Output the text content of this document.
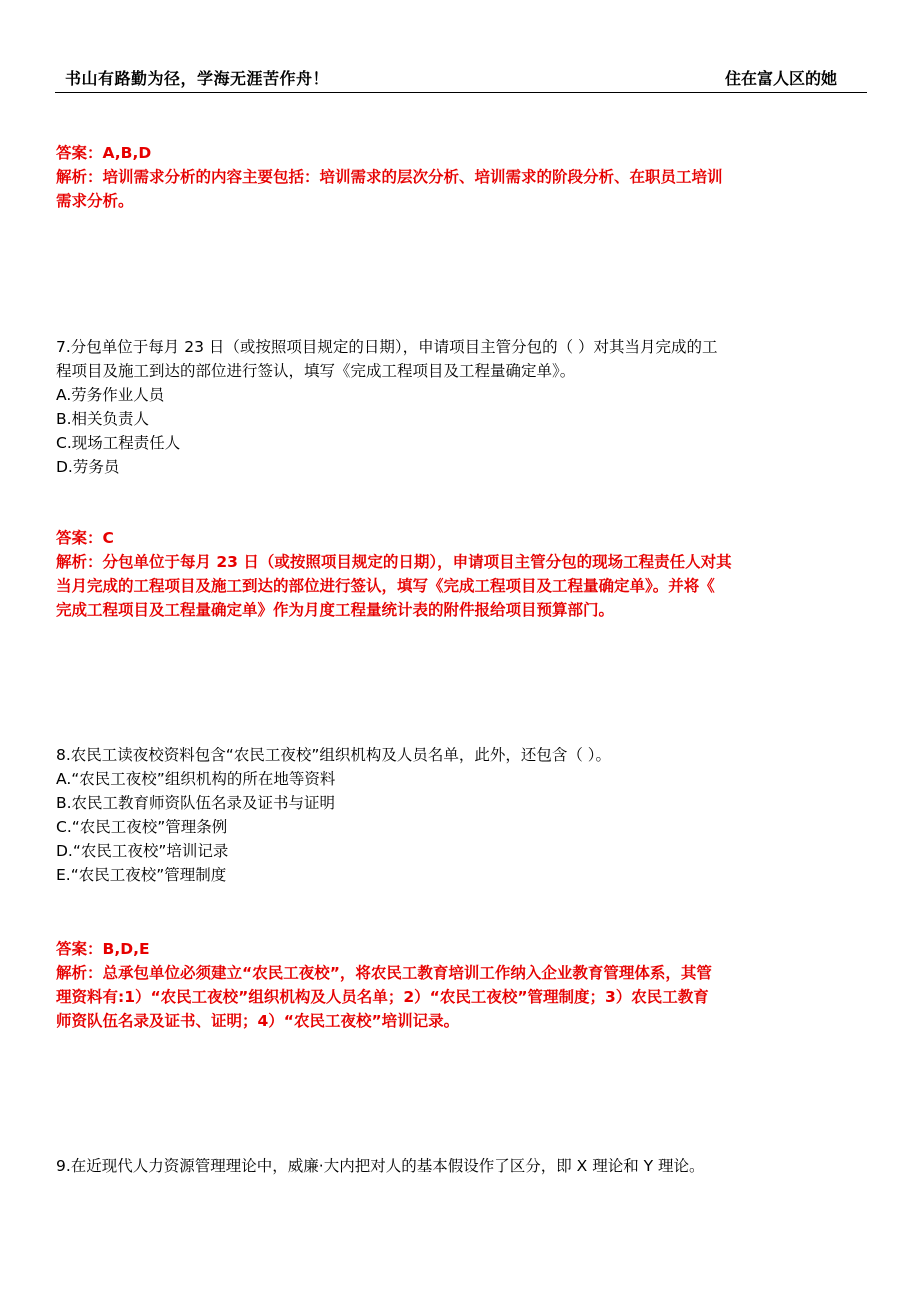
书山有路勤为径，学海无涯苦作舟！	住在富人区的她
答案：A,B,D
解析：培训需求分析的内容主要包括：培训需求的层次分析、培训需求的阶段分析、在职员工培训
需求分析。
7.分包单位于每月 23 日（或按照项目规定的日期），申请项目主管分包的（ ）对其当月完成的工
程项目及施工到达的部位进行签认，填写《完成工程项目及工程量确定单》。
A.劳务作业人员
B.相关负责人
C.现场工程责任人
D.劳务员
答案：C
解析：分包单位于每月 23 日（或按照项目规定的日期），申请项目主管分包的现场工程责任人对其
当月完成的工程项目及施工到达的部位进行签认，填写《完成工程项目及工程量确定单》。并将《
完成工程项目及工程量确定单》作为月度工程量统计表的附件报给项目预算部门。
8.农民工读夜校资料包含“农民工夜校”组织机构及人员名单，此外，还包含（ ）。
A.“农民工夜校”组织机构的所在地等资料
B.农民工教育师资队伍名录及证书与证明
C.“农民工夜校”管理条例
D.“农民工夜校”培训记录
E.“农民工夜校”管理制度
答案：B,D,E
解析：总承包单位必须建立“农民工夜校”，将农民工教育培训工作纳入企业教育管理体系，其管
理资料有:1）“农民工夜校”组织机构及人员名单；2）“农民工夜校”管理制度；3）农民工教育
师资队伍名录及证书、证明；4）“农民工夜校”培训记录。
9.在近现代人力资源管理理论中，威廉·大内把对人的基本假设作了区分，即 X 理论和 Y 理论。
